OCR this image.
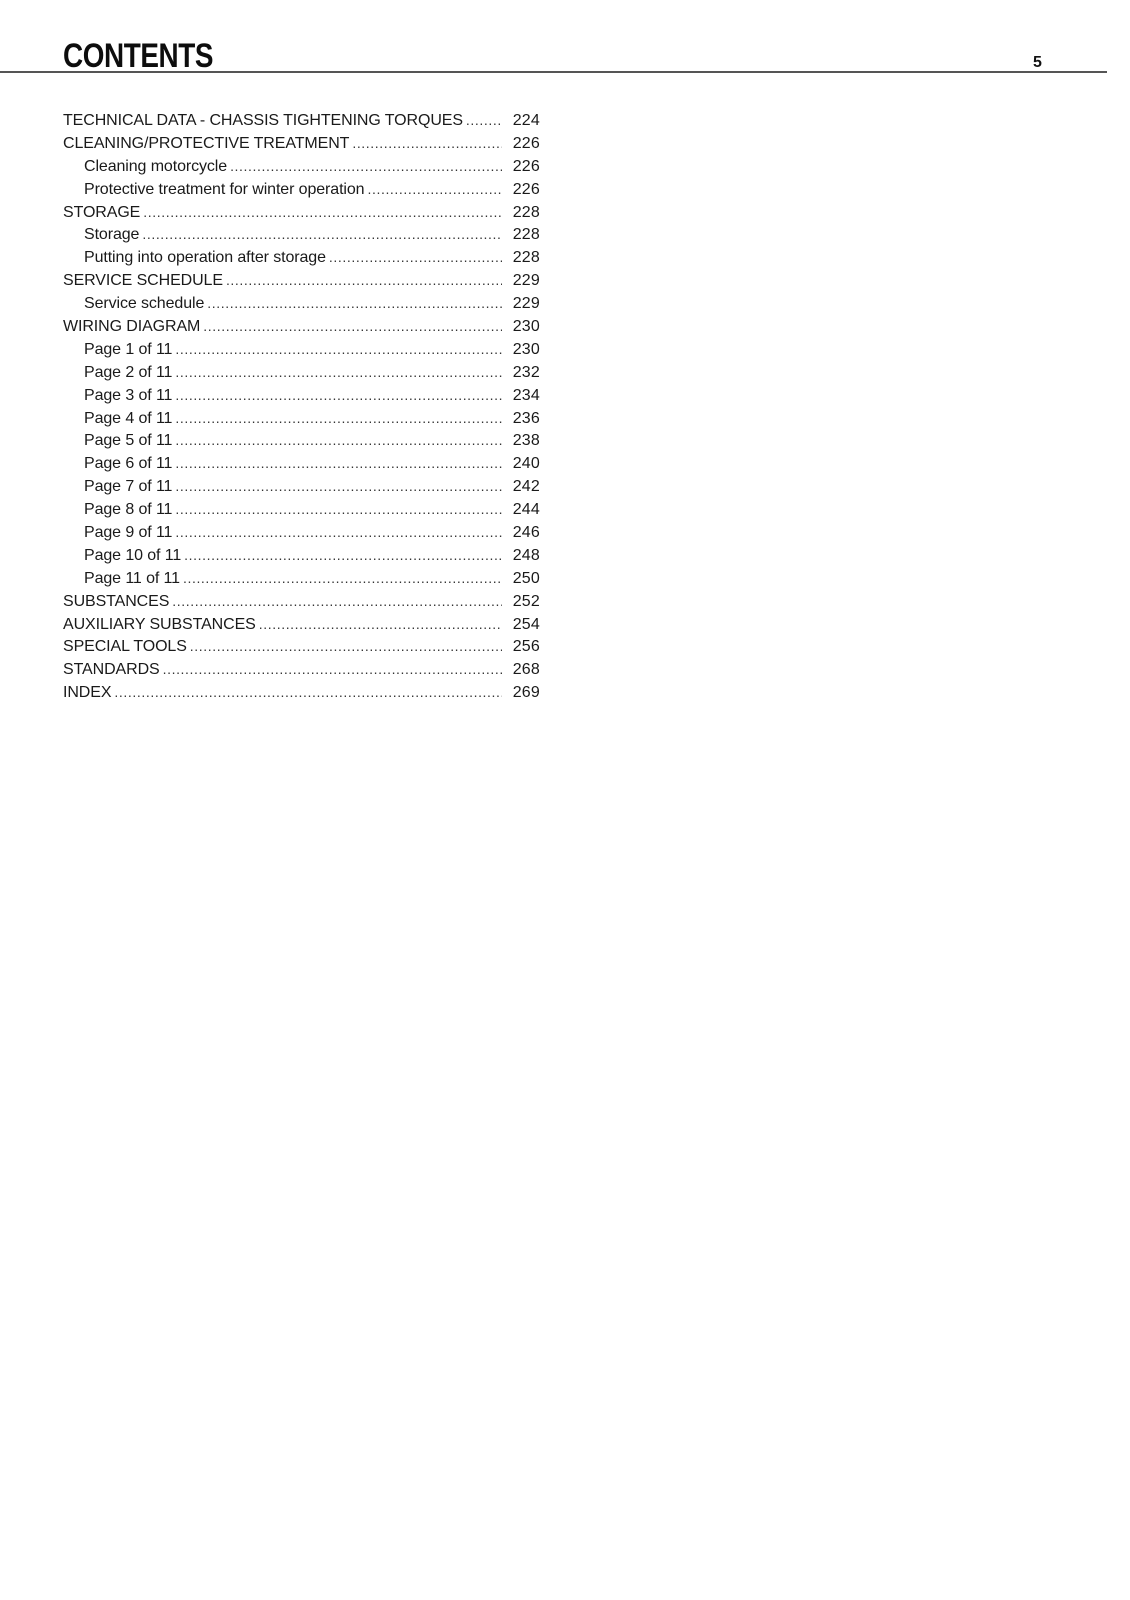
CONTENTS	5
TECHNICAL DATA - CHASSIS TIGHTENING TORQUES .....	224
CLEANING/PROTECTIVE TREATMENT .....	226
Cleaning motorcycle .....	226
Protective treatment for winter operation .....	226
STORAGE .....	228
Storage .....	228
Putting into operation after storage .....	228
SERVICE SCHEDULE .....	229
Service schedule .....	229
WIRING DIAGRAM .....	230
Page 1 of 11 .....	230
Page 2 of 11 .....	232
Page 3 of 11 .....	234
Page 4 of 11 .....	236
Page 5 of 11 .....	238
Page 6 of 11 .....	240
Page 7 of 11 .....	242
Page 8 of 11 .....	244
Page 9 of 11 .....	246
Page 10 of 11 .....	248
Page 11 of 11 .....	250
SUBSTANCES .....	252
AUXILIARY SUBSTANCES .....	254
SPECIAL TOOLS .....	256
STANDARDS .....	268
INDEX .....	269
